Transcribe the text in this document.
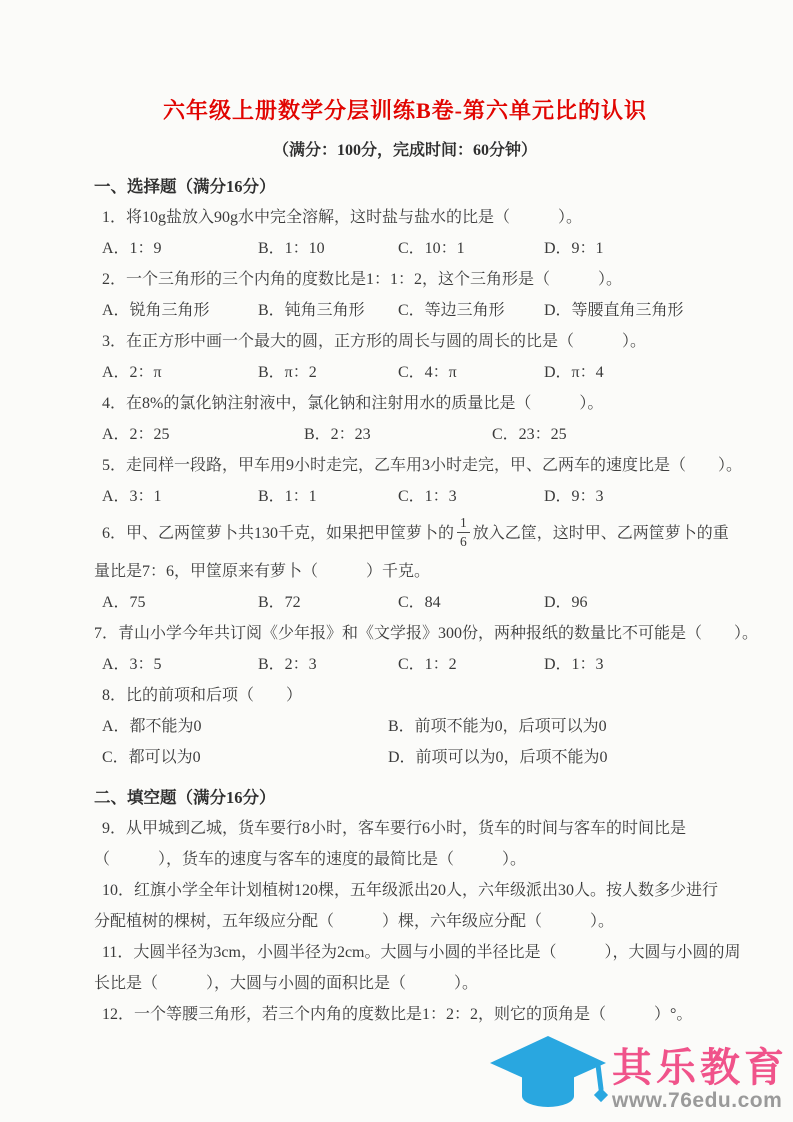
六年级上册数学分层训练B卷-第六单元比的认识
（满分：100分，完成时间：60分钟）
一、选择题（满分16分）

1．将10g盐放入90g水中完全溶解，这时盐与盐水的比是（　　　）。

A．1：9	B．1：10	C．10：1	D．9：1

2．一个三角形的三个内角的度数比是1：1：2，这个三角形是（　　　）。

A．锐角三角形	B．钝角三角形	C．等边三角形	D．等腰直角三角形

3．在正方形中画一个最大的圆，正方形的周长与圆的周长的比是（　　　）。

A．2：π	B．π：2	C．4：π	D．π：4

4．在8%的氯化钠注射液中，氯化钠和注射用水的质量比是（　　　）。

A．2：25	B．2：23	C．23：25

5．走同样一段路，甲车用9小时走完，乙车用3小时走完，甲、乙两车的速度比是（　　）。

A．3：1	B．1：1	C．1：3	D．9：3

6．甲、乙两筐萝卜共130千克，如果把甲筐萝卜的 $\frac{1}{6}$ 放入乙筐，这时甲、乙两筐萝卜的重

量比是7：6，甲筐原来有萝卜（　　　）千克。

A．75	B．72	C．84	D．96

7．青山小学今年共订阅《少年报》和《文学报》300份，两种报纸的数量比不可能是（　　）。

A．3：5	B．2：3	C．1：2	D．1：3

8．比的前项和后项（　　）

A．都不能为0	B．前项不能为0，后项可以为0
C．都可以为0	D．前项可以为0，后项不能为0
二、填空题（满分16分）

9．从甲城到乙城，货车要行8小时，客车要行6小时，货车的时间与客车的时间比是

（　　　），货车的速度与客车的速度的最简比是（　　　）。

10．红旗小学全年计划植树120棵，五年级派出20人，六年级派出30人。按人数多少进行

分配植树的棵树，五年级应分配（　　　）棵，六年级应分配（　　　）。

11．大圆半径为3cm，小圆半径为2cm。大圆与小圆的半径比是（　　　），大圆与小圆的周

长比是（　　　），大圆与小圆的面积比是（　　　）。

12．一个等腰三角形，若三个内角的度数比是1：2：2，则它的顶角是（　　　）°。

其乐教育
www.76edu.com
